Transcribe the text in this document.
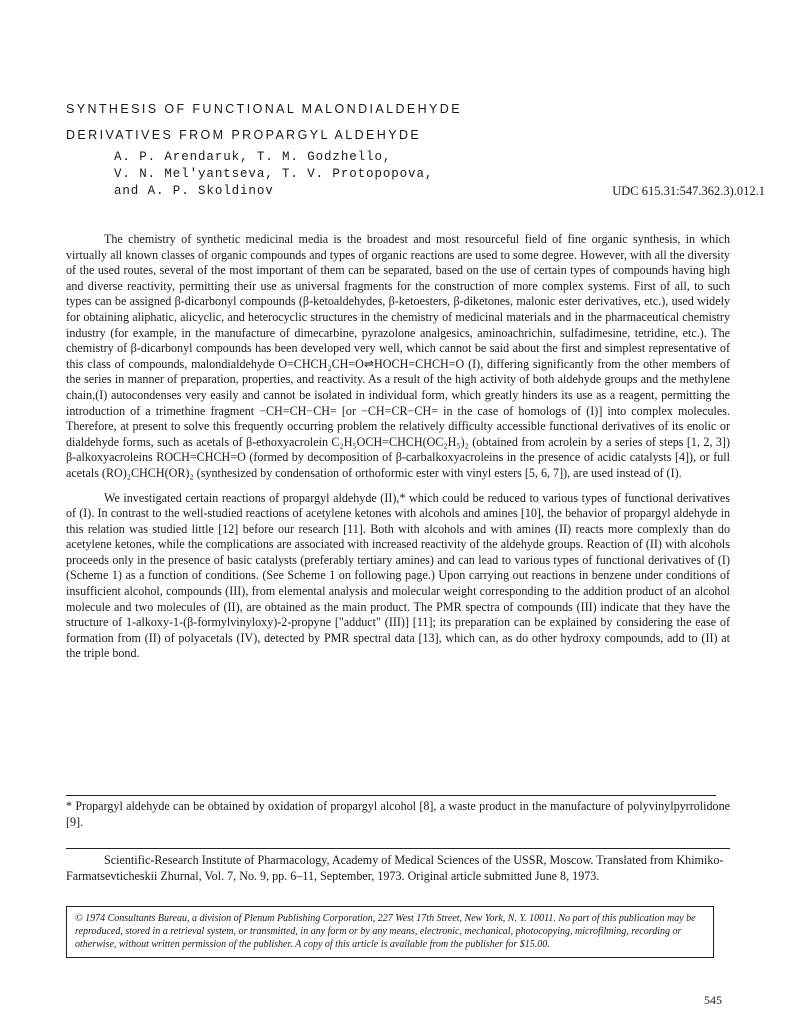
SYNTHESIS OF FUNCTIONAL MALONDIALDEHYDE
DERIVATIVES FROM PROPARGYL ALDEHYDE
A. P. Arendaruk, T. M. Godzhello,
V. N. Mel'yantseva, T. V. Protopopova,
and A. P. Skoldinov	UDC 615.31:547.362.3).012.1

The chemistry of synthetic medicinal media is the broadest and most resourceful field of fine organic synthesis, in which virtually all known classes of organic compounds and types of organic reactions are used to some degree. However, with all the diversity of the used routes, several of the most important of them can be separated, based on the use of certain types of compounds having high and diverse reactivity, permitting their use as universal fragments for the construction of more complex systems. First of all, to such types can be assigned β-dicarbonyl compounds (β-ketoaldehydes, β-ketoesters, β-diketones, malonic ester derivatives, etc.), used widely for obtaining aliphatic, alicyclic, and heterocyclic structures in the chemistry of medicinal materials and in the pharmaceutical chemistry industry (for example, in the manufacture of dimecarbine, pyrazolone analgesics, aminoachrichin, sulfadimesine, tetridine, etc.). The chemistry of β-dicarbonyl compounds has been developed very well, which cannot be said about the first and simplest representative of this class of compounds, malondialdehyde O=CHCH₂CH=O⇌HOCH=CHCH=O (I), differing significantly from the other members of the series in manner of preparation, properties, and reactivity. As a result of the high activity of both aldehyde groups and the methylene chain,(I) autocondenses very easily and cannot be isolated in individual form, which greatly hinders its use as a reagent, permitting the introduction of a trimethine fragment −CH=CH−CH= [or −CH=CR−CH= in the case of homologs of (I)] into complex molecules. Therefore, at present to solve this frequently occurring problem the relatively difficulty accessible functional derivatives of its enolic or dialdehyde forms, such as acetals of β-ethoxyacrolein C₂H₅OCH=CHCH(OC₂H₅)₂ (obtained from acrolein by a series of steps [1, 2, 3]) β-alkoxyacroleins ROCH=CHCH=O (formed by decomposition of β-carbalkoxyacroleins in the presence of acidic catalysts [4]), or full acetals (RO)₂CHCH(OR)₂ (synthesized by condensation of orthoformic ester with vinyl esters [5, 6, 7]), are used instead of (I).

We investigated certain reactions of propargyl aldehyde (II),* which could be reduced to various types of functional derivatives of (I). In contrast to the well-studied reactions of acetylene ketones with alcohols and amines [10], the behavior of propargyl aldehyde in this relation was studied little [12] before our research [11]. Both with alcohols and with amines (II) reacts more complexly than do acetylene ketones, while the complications are associated with increased reactivity of the aldehyde groups. Reaction of (II) with alcohols proceeds only in the presence of basic catalysts (preferably tertiary amines) and can lead to various types of functional derivatives of (I) (Scheme 1) as a function of conditions. (See Scheme 1 on following page.) Upon carrying out reactions in benzene under conditions of insufficient alcohol, compounds (III), from elemental analysis and molecular weight corresponding to the addition product of an alcohol molecule and two molecules of (II), are obtained as the main product. The PMR spectra of compounds (III) indicate that they have the structure of 1-alkoxy-1-(β-formylvinyloxy)-2-propyne ["adduct" (III)] [11]; its preparation can be explained by considering the ease of formation from (II) of polyacetals (IV), detected by PMR spectral data [13], which can, as do other hydroxy compounds, add to (II) at the triple bond.

* Propargyl aldehyde can be obtained by oxidation of propargyl alcohol [8], a waste product in the manufacture of polyvinylpyrrolidone [9].
Scientific-Research Institute of Pharmacology, Academy of Medical Sciences of the USSR, Moscow. Translated from Khimiko-Farmatsevticheskii Zhurnal, Vol. 7, No. 9, pp. 6–11, September, 1973. Original article submitted June 8, 1973.
© 1974 Consultants Bureau, a division of Plenum Publishing Corporation, 227 West 17th Street, New York, N. Y. 10011. No part of this publication may be reproduced, stored in a retrieval system, or transmitted, in any form or by any means, electronic, mechanical, photocopying, microfilming, recording or otherwise, without written permission of the publisher. A copy of this article is available from the publisher for $15.00.
545
